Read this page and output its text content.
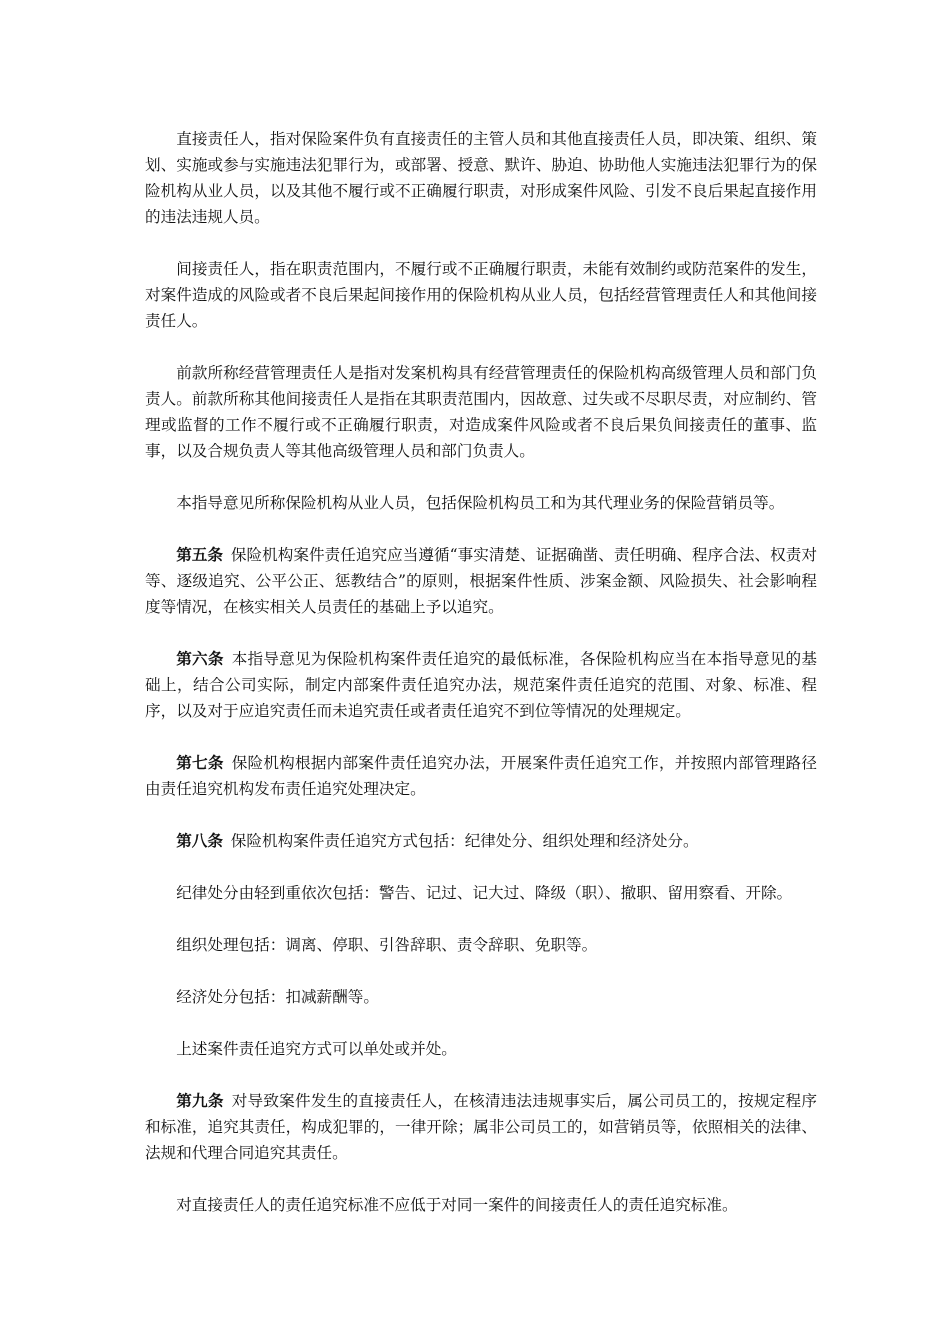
直接责任人，指对保险案件负有直接责任的主管人员和其他直接责任人员，即决策、组织、策划、实施或参与实施违法犯罪行为，或部署、授意、默许、胁迫、协助他人实施违法犯罪行为的保险机构从业人员，以及其他不履行或不正确履行职责，对形成案件风险、引发不良后果起直接作用的违法违规人员。

间接责任人，指在职责范围内，不履行或不正确履行职责，未能有效制约或防范案件的发生，对案件造成的风险或者不良后果起间接作用的保险机构从业人员，包括经营管理责任人和其他间接责任人。

前款所称经营管理责任人是指对发案机构具有经营管理责任的保险机构高级管理人员和部门负责人。前款所称其他间接责任人是指在其职责范围内，因故意、过失或不尽职尽责，对应制约、管理或监督的工作不履行或不正确履行职责，对造成案件风险或者不良后果负间接责任的董事、监事，以及合规负责人等其他高级管理人员和部门负责人。

本指导意见所称保险机构从业人员，包括保险机构员工和为其代理业务的保险营销员等。

第五条 保险机构案件责任追究应当遵循“事实清楚、证据确凿、责任明确、程序合法、权责对等、逐级追究、公平公正、惩教结合”的原则，根据案件性质、涉案金额、风险损失、社会影响程度等情况，在核实相关人员责任的基础上予以追究。

第六条 本指导意见为保险机构案件责任追究的最低标准，各保险机构应当在本指导意见的基础上，结合公司实际，制定内部案件责任追究办法，规范案件责任追究的范围、对象、标准、程序，以及对于应追究责任而未追究责任或者责任追究不到位等情况的处理规定。

第七条 保险机构根据内部案件责任追究办法，开展案件责任追究工作，并按照内部管理路径由责任追究机构发布责任追究处理决定。

第八条 保险机构案件责任追究方式包括：纪律处分、组织处理和经济处分。

纪律处分由轻到重依次包括：警告、记过、记大过、降级（职）、撤职、留用察看、开除。

组织处理包括：调离、停职、引咎辞职、责令辞职、免职等。

经济处分包括：扣减薪酬等。

上述案件责任追究方式可以单处或并处。

第九条 对导致案件发生的直接责任人，在核清违法违规事实后，属公司员工的，按规定程序和标准，追究其责任，构成犯罪的，一律开除；属非公司员工的，如营销员等，依照相关的法律、法规和代理合同追究其责任。

对直接责任人的责任追究标准不应低于对同一案件的间接责任人的责任追究标准。
